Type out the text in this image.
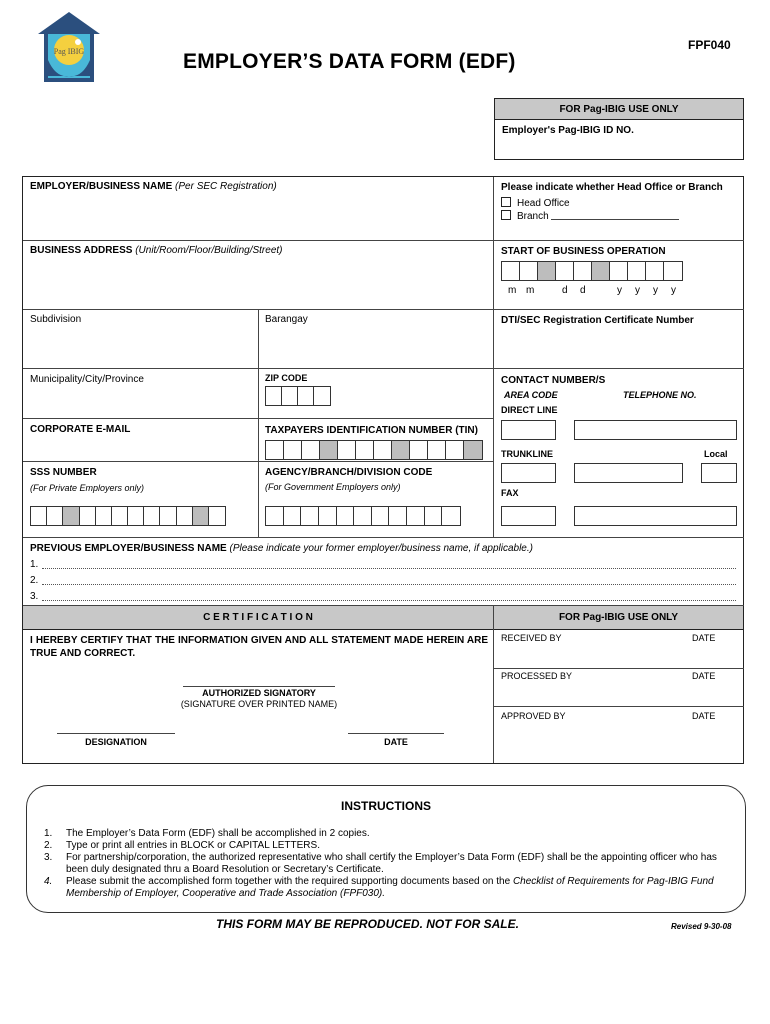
Pag IBIG	FPF040
EMPLOYER’S DATA FORM (EDF)
FOR Pag-IBIG USE ONLY
Employer's Pag-IBIG ID NO.
EMPLOYER/BUSINESS NAME (Per SEC Registration)	Please indicate whether Head Office or Branch
Head Office
Branch
BUSINESS ADDRESS (Unit/Room/Floor/Building/Street)	START OF BUSINESS OPERATION
m m	d d	y y y y
Subdivision	Barangay	DTI/SEC Registration Certificate Number
Municipality/City/Province	ZIP CODE	CONTACT NUMBER/S
AREA CODE	TELEPHONE NO.
DIRECT LINE
TRUNKLINE	Local
FAX
CORPORATE E-MAIL	TAXPAYERS IDENTIFICATION NUMBER (TIN)
SSS NUMBER
(For Private Employers only)
AGENCY/BRANCH/DIVISION CODE
(For Government Employers only)
PREVIOUS EMPLOYER/BUSINESS NAME (Please indicate your former employer/business name, if applicable.)
1.
2.
3.
C E R T I F I C A T I O N	FOR Pag-IBIG USE ONLY
I HEREBY CERTIFY THAT THE INFORMATION GIVEN AND ALL STATEMENT MADE HEREIN ARE TRUE AND CORRECT.
AUTHORIZED SIGNATORY
(SIGNATURE OVER PRINTED NAME)
DESIGNATION	DATE
RECEIVED BY	DATE
PROCESSED BY	DATE
APPROVED BY	DATE
INSTRUCTIONS
1. The Employer’s Data Form (EDF) shall be accomplished in 2 copies.
2. Type or print all entries in BLOCK or CAPITAL LETTERS.
3. For partnership/corporation, the authorized representative who shall certify the Employer’s Data Form (EDF) shall be the appointing officer who has been duly designated thru a Board Resolution or Secretary’s Certificate.
4. Please submit the accomplished form together with the required supporting documents based on the Checklist of Requirements for Pag-IBIG Fund Membership of Employer, Cooperative and Trade Association (FPF030).
THIS FORM MAY BE REPRODUCED. NOT FOR SALE.	Revised 9-30-08
